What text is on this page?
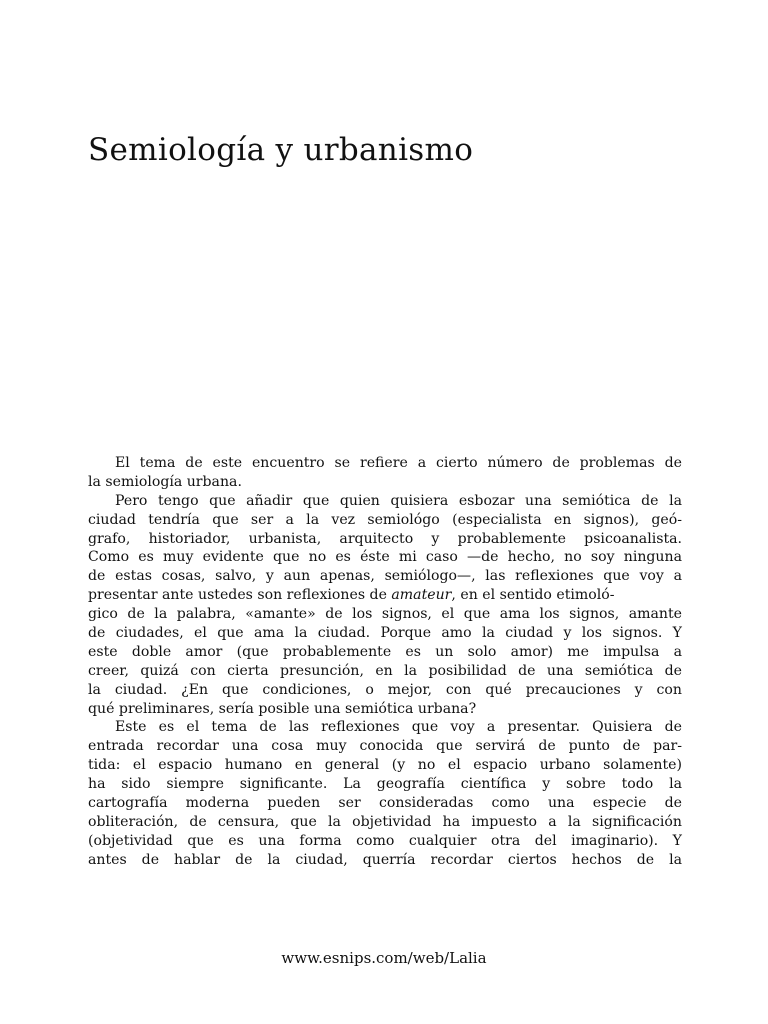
Semiología y urbanismo
El tema de este encuentro se refiere a cierto número de problemas de
la semiología urbana.
Pero tengo que añadir que quien quisiera esbozar una semiótica de la
ciudad tendría que ser a la vez semiológo (especialista en signos), geó-
grafo, historiador, urbanista, arquitecto y probablemente psicoanalista.
Como es muy evidente que no es éste mi caso —de hecho, no soy ninguna
de estas cosas, salvo, y aun apenas, semiólogo—, las reflexiones que voy a
presentar ante ustedes son reflexiones de amateur, en el sentido etimoló-
gico de la palabra, «amante» de los signos, el que ama los signos, amante
de ciudades, el que ama la ciudad. Porque amo la ciudad y los signos. Y
este doble amor (que probablemente es un solo amor) me impulsa a
creer, quizá con cierta presunción, en la posibilidad de una semiótica de
la ciudad. ¿En que condiciones, o mejor, con qué precauciones y con
qué preliminares, sería posible una semiótica urbana?
Este es el tema de las reflexiones que voy a presentar. Quisiera de
entrada recordar una cosa muy conocida que servirá de punto de par-
tida: el espacio humano en general (y no el espacio urbano solamente)
ha sido siempre significante. La geografía científica y sobre todo la
cartografía moderna pueden ser consideradas como una especie de
obliteración, de censura, que la objetividad ha impuesto a la significación
(objetividad que es una forma como cualquier otra del imaginario). Y
antes de hablar de la ciudad, querría recordar ciertos hechos de la
www.esnips.com/web/Lalia
